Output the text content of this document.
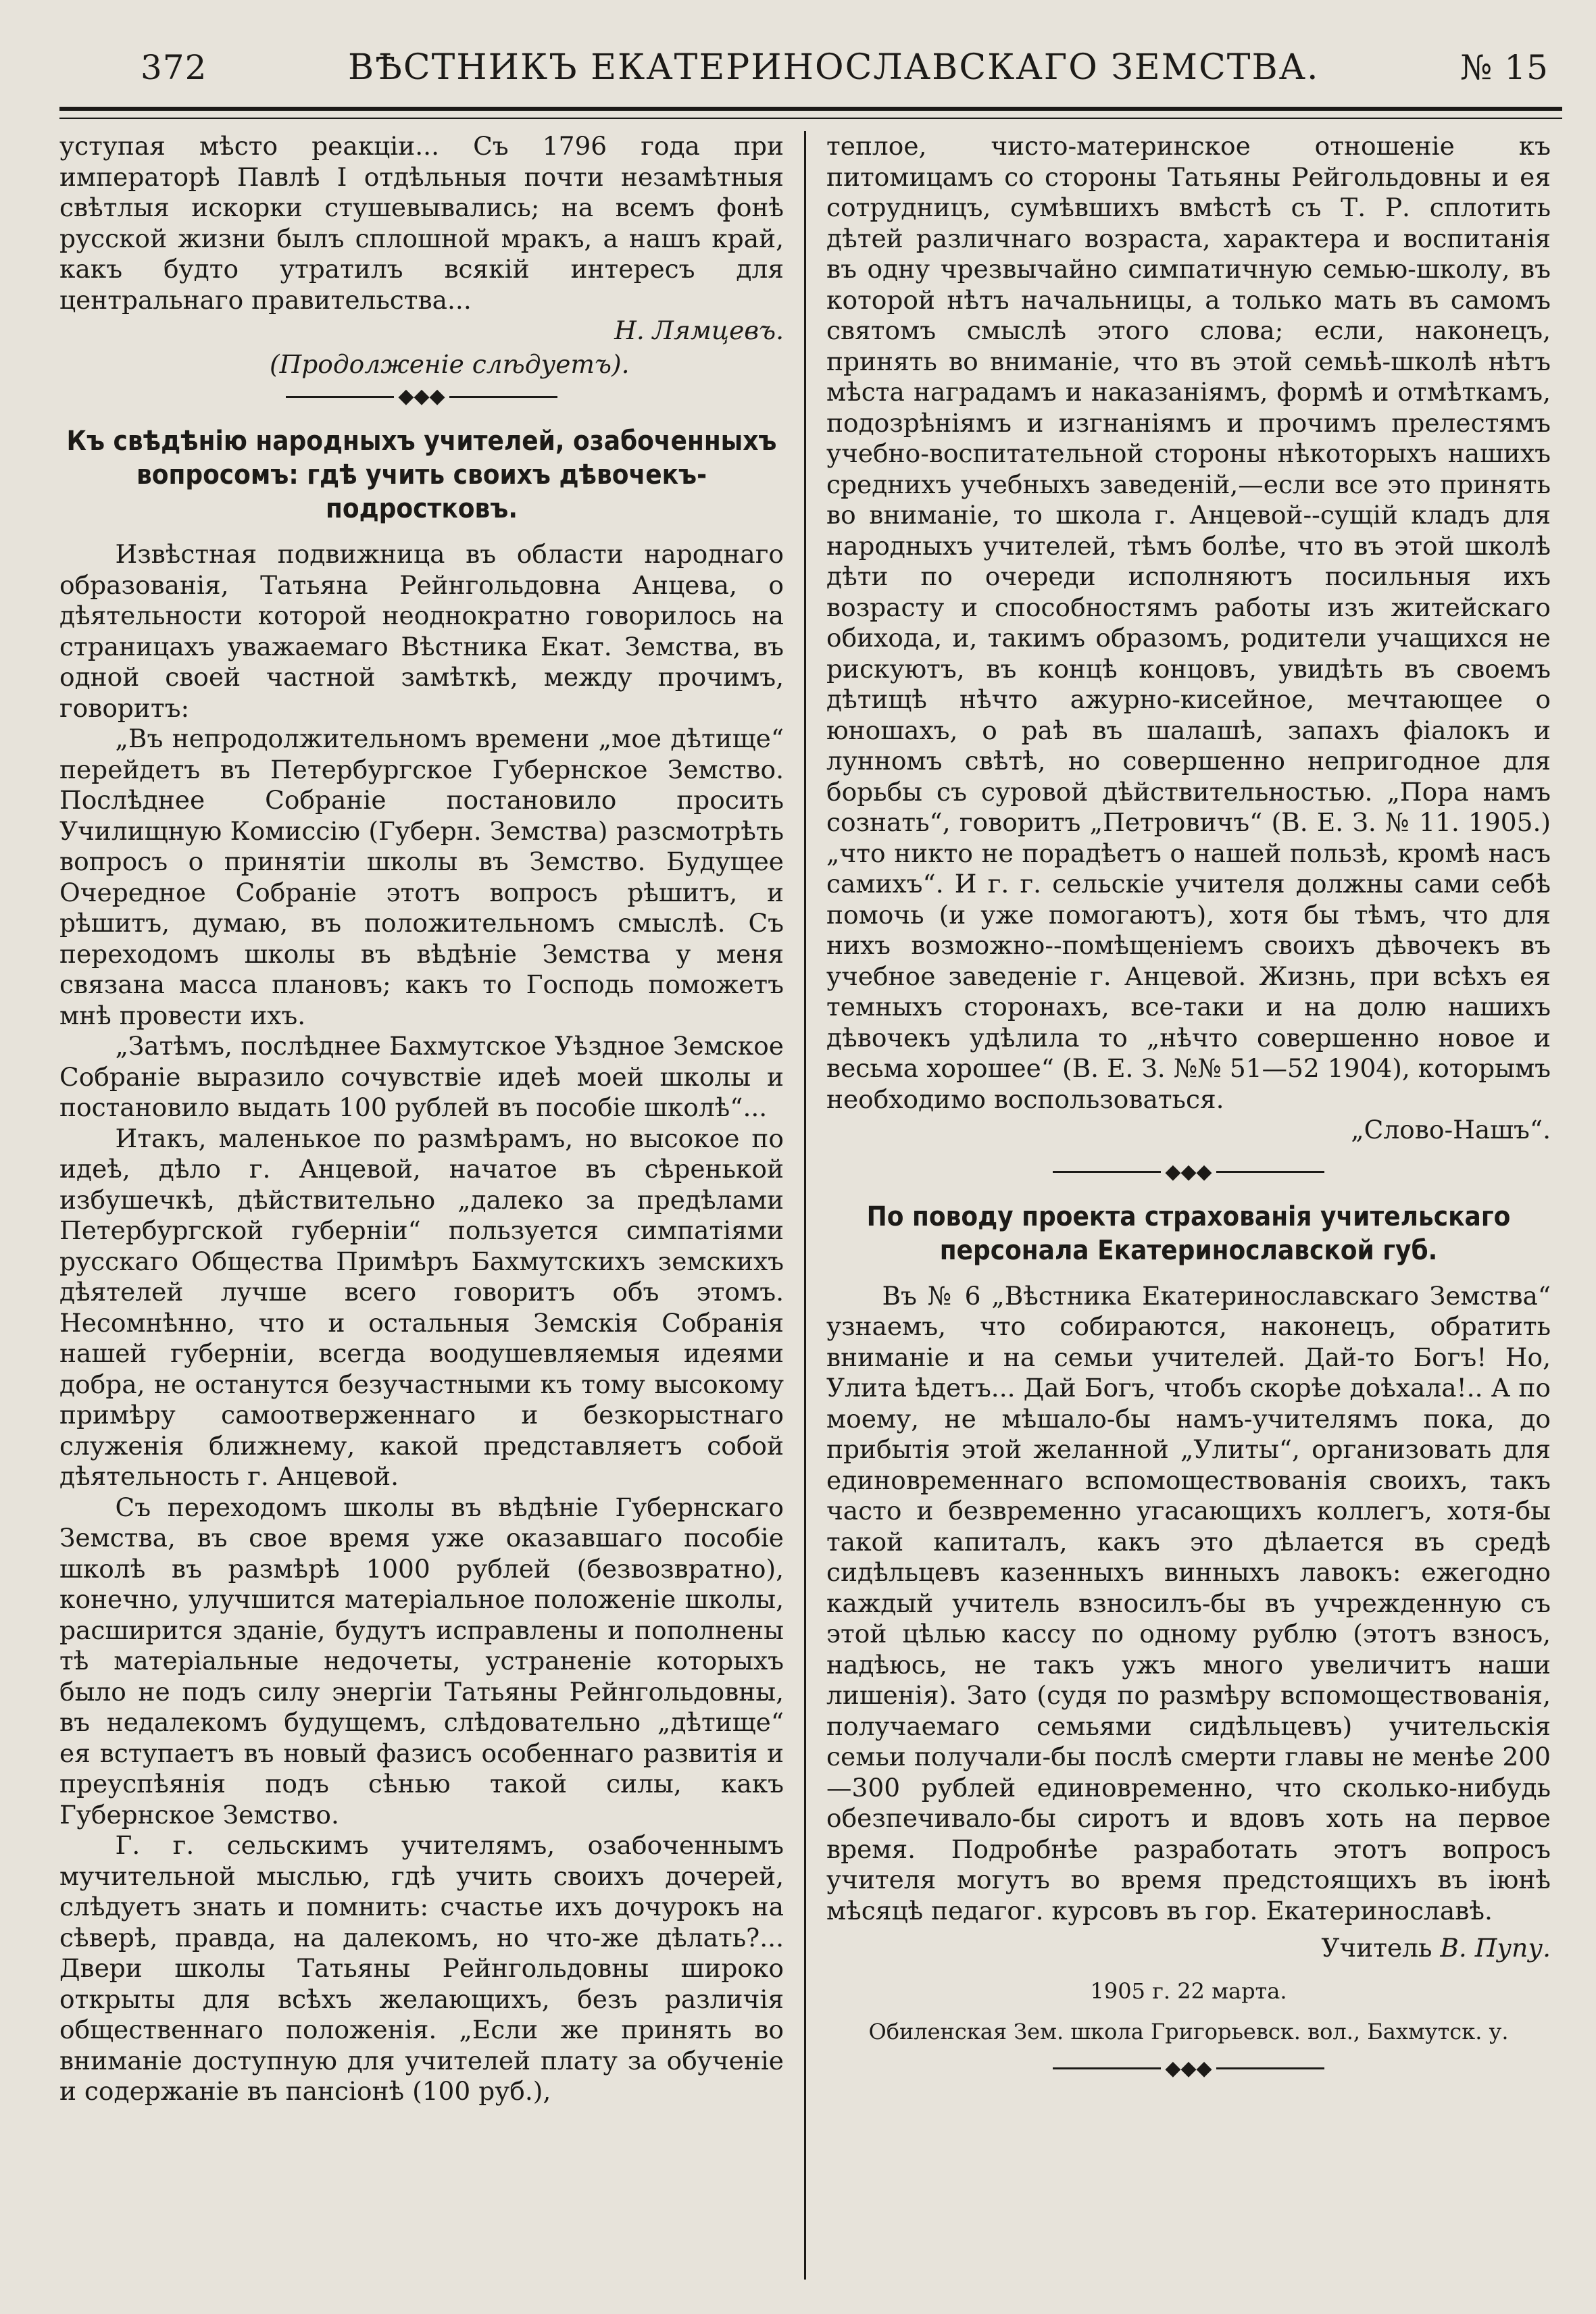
372	ВѢСТНИКЪ ЕКАТЕРИНОСЛАВСКАГО ЗЕМСТВА.	№ 15

уступая мѣсто реакціи... Съ 1796 года при императорѣ Павлѣ I отдѣльныя почти незамѣтныя свѣтлыя искорки стушевывались; на всемъ фонѣ русской жизни былъ сплошной мракъ, а нашъ край, какъ будто утратилъ всякій интересъ для центральнаго правительства...

Н. Лямцевъ.

(Продолженіе слѣдуетъ).

◆◆◆
Къ свѣдѣнію народныхъ учителей, озабоченныхъ вопросомъ: гдѣ учить своихъ дѣвочекъ-подростковъ.

Извѣстная подвижница въ области народнаго образованія, Татьяна Рейнгольдовна Анцева, о дѣятельности которой неоднократно говорилось на страницахъ уважаемаго Вѣстника Екат. Земства, въ одной своей частной замѣткѣ, между прочимъ, говоритъ:

„Въ непродолжительномъ времени „мое дѣтище“ перейдетъ въ Петербургское Губернское Земство. Послѣднее Собраніе постановило просить Училищную Комиссію (Губерн. Земства) разсмотрѣть вопросъ о принятіи школы въ Земство. Будущее Очередное Собраніе этотъ вопросъ рѣшитъ, и рѣшитъ, думаю, въ положительномъ смыслѣ. Съ переходомъ школы въ вѣдѣніе Земства у меня связана масса плановъ; какъ то Господь поможетъ мнѣ провести ихъ.

„Затѣмъ, послѣднее Бахмутское Уѣздное Земское Собраніе выразило сочувствіе идеѣ моей школы и постановило выдать 100 рублей въ пособіе школѣ“...

Итакъ, маленькое по размѣрамъ, но высокое по идеѣ, дѣло г. Анцевой, начатое въ сѣренькой избушечкѣ, дѣйствительно „далеко за предѣлами Петербургской губерніи“ пользуется симпатіями русскаго Общества Примѣръ Бахмутскихъ земскихъ дѣятелей лучше всего говоритъ объ этомъ. Несомнѣнно, что и остальныя Земскія Собранія нашей губерніи, всегда воодушевляемыя идеями добра, не останутся безучастными къ тому высокому примѣру самоотверженнаго и безкорыстнаго служенія ближнему, какой представляетъ собой дѣятельность г. Анцевой.

Съ переходомъ школы въ вѣдѣніе Губернскаго Земства, въ свое время уже оказавшаго пособіе школѣ въ размѣрѣ 1000 рублей (безвозвратно), конечно, улучшится матеріальное положеніе школы, расширится зданіе, будутъ исправлены и пополнены тѣ матеріальные недочеты, устраненіе которыхъ было не подъ силу энергіи Татьяны Рейнгольдовны, въ недалекомъ будущемъ, слѣдовательно „дѣтище“ ея вступаетъ въ новый фазисъ особеннаго развитія и преуспѣянія подъ сѣнью такой силы, какъ Губернское Земство.

Г. г. сельскимъ учителямъ, озабоченнымъ мучительной мыслью, гдѣ учить своихъ дочерей, слѣдуетъ знать и помнить: счастье ихъ дочурокъ на сѣверѣ, правда, на далекомъ, но что-же дѣлать?... Двери школы Татьяны Рейнгольдовны широко открыты для всѣхъ желающихъ, безъ различія общественнаго положенія. „Если же принять во вниманіе доступную для учителей плату за обученіе и содержаніе въ пансіонѣ (100 руб.),

теплое, чисто-материнское отношеніе къ питомицамъ со стороны Татьяны Рейгольдовны и ея сотрудницъ, сумѣвшихъ вмѣстѣ съ Т. Р. сплотить дѣтей различнаго возраста, характера и воспитанія въ одну чрезвычайно симпатичную семью-школу, въ которой нѣтъ начальницы, а только мать въ самомъ святомъ смыслѣ этого слова; если, наконецъ, принять во вниманіе, что въ этой семьѣ-школѣ нѣтъ мѣста наградамъ и наказаніямъ, формѣ и отмѣткамъ, подозрѣніямъ и изгнаніямъ и прочимъ прелестямъ учебно-воспитательной стороны нѣкоторыхъ нашихъ среднихъ учебныхъ заведеній,—если все это принять во вниманіе, то школа г. Анцевой--сущій кладъ для народныхъ учителей, тѣмъ болѣе, что въ этой школѣ дѣти по очереди исполняютъ посильныя ихъ возрасту и способностямъ работы изъ житейскаго обихода, и, такимъ образомъ, родители учащихся не рискуютъ, въ концѣ концовъ, увидѣть въ своемъ дѣтищѣ нѣчто ажурно-кисейное, мечтающее о юношахъ, о раѣ въ шалашѣ, запахъ фіалокъ и лунномъ свѣтѣ, но совершенно непригодное для борьбы съ суровой дѣйствительностью. „Пора намъ сознать“, говоритъ „Петровичъ“ (В. Е. З. № 11. 1905.) „что никто не порадѣетъ о нашей пользѣ, кромѣ насъ самихъ“. И г. г. сельскіе учителя должны сами себѣ помочь (и уже помогаютъ), хотя бы тѣмъ, что для нихъ возможно--помѣщеніемъ своихъ дѣвочекъ въ учебное заведеніе г. Анцевой. Жизнь, при всѣхъ ея темныхъ сторонахъ, все-таки и на долю нашихъ дѣвочекъ удѣлила то „нѣчто совершенно новое и весьма хорошее“ (В. Е. З. №№ 51—52 1904), которымъ необходимо воспользоваться.

„Слово-Нашъ“.

◆◆◆
По поводу проекта страхованія учительскаго персонала Екатеринославской губ.

Въ № 6 „Вѣстника Екатеринославскаго Земства“ узнаемъ, что собираются, наконецъ, обратить вниманіе и на семьи учителей. Дай-то Богъ! Но, Улита ѣдетъ... Дай Богъ, чтобъ скорѣе доѣхала!.. А по моему, не мѣшало-бы намъ-учителямъ пока, до прибытія этой желанной „Улиты“, организовать для единовременнаго вспомоществованія своихъ, такъ часто и безвременно угасающихъ коллегъ, хотя-бы такой капиталъ, какъ это дѣлается въ средѣ сидѣльцевъ казенныхъ винныхъ лавокъ: ежегодно каждый учитель взносилъ-бы въ учрежденную съ этой цѣлью кассу по одному рублю (этотъ взносъ, надѣюсь, не такъ ужъ много увеличитъ наши лишенія). Зато (судя по размѣру вспомоществованія, получаемаго семьями сидѣльцевъ) учительскія семьи получали-бы послѣ смерти главы не менѣе 200—300 рублей единовременно, что сколько-нибудь обезпечивало-бы сиротъ и вдовъ хоть на первое время. Подробнѣе разработать этотъ вопросъ учителя могутъ во время предстоящихъ въ іюнѣ мѣсяцѣ педагог. курсовъ въ гор. Екатеринославѣ.

Учитель В. Пупу.

1905 г. 22 марта.
Обиленская Зем. школа Григорьевск. вол., Бахмутск. у.
◆◆◆
